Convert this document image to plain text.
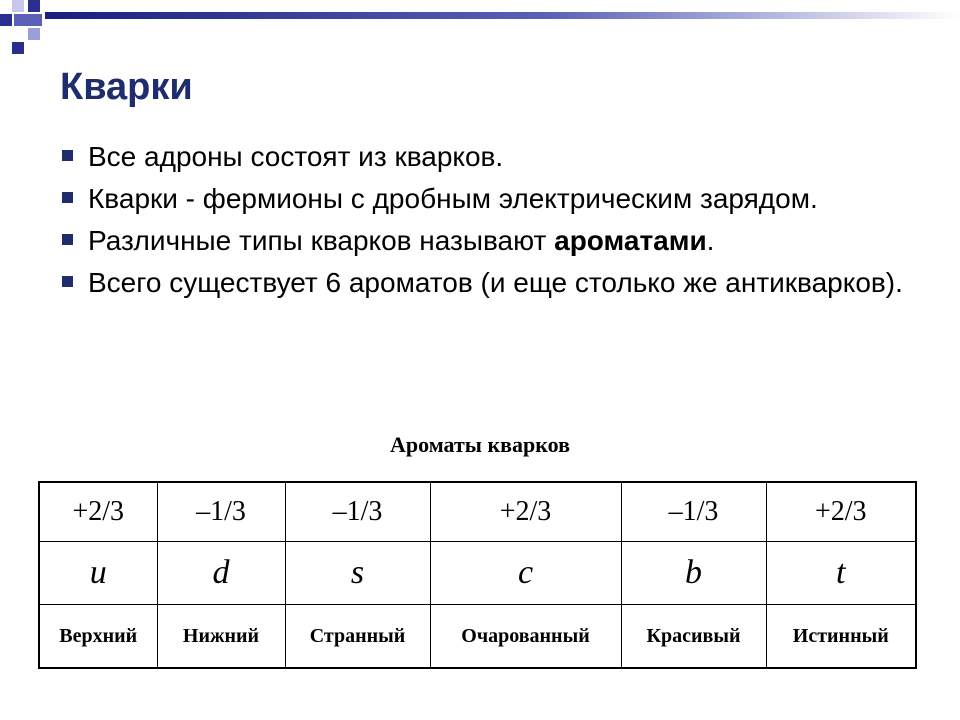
Кварки
Все адроны состоят из кварков.
Кварки - фермионы с дробным электрическим зарядом.
Различные типы кварков называют ароматами.
Всего существует 6 ароматов (и еще столько же антикварков).
Ароматы кварков
+2/3	–1/3	–1/3	+2/3	–1/3	+2/3
u	d	s	c	b	t
Верхний	Нижний	Странный	Очарованный	Красивый	Истинный
